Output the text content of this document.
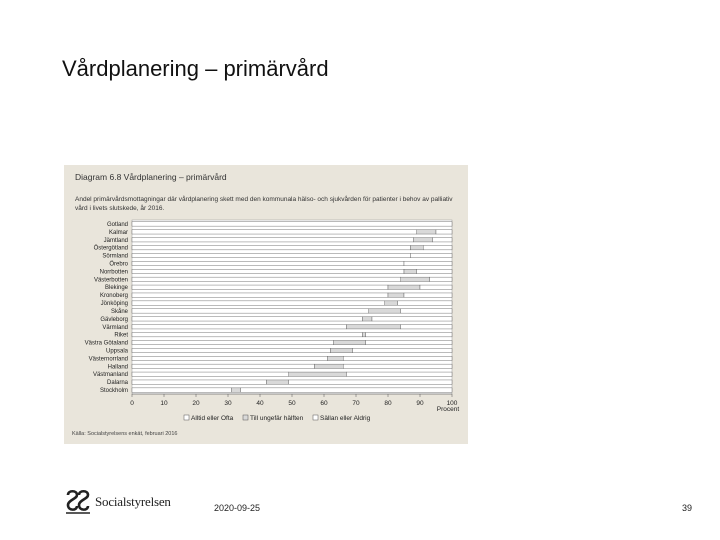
Vårdplanering – primärvård
Diagram 6.8 Vårdplanering – primärvård
Andel primärvårdsmottagningar där vårdplanering skett med den kommunala hälso- och sjukvården för patienter i behov av palliativ vård i livets slutskede, år 2016.
Gotland
Kalmar
Jämtland
Östergötland
Sörmland
Örebro
Norrbotten
Västerbotten
Blekinge
Kronoberg
Jönköping
Skåne
Gävleborg
Värmland
Riket
Västra Götaland
Uppsala
Västernorrland
Halland
Västmanland
Dalarna
Stockholm
0	10	20	30	40	50	60	70	80	90	100
Procent
Alltid eller Ofta	Till ungefär hälften	Sällan eller Aldrig
Källa: Socialstyrelsens enkät, februari 2016
Socialstyrelsen	2020-09-25	39
